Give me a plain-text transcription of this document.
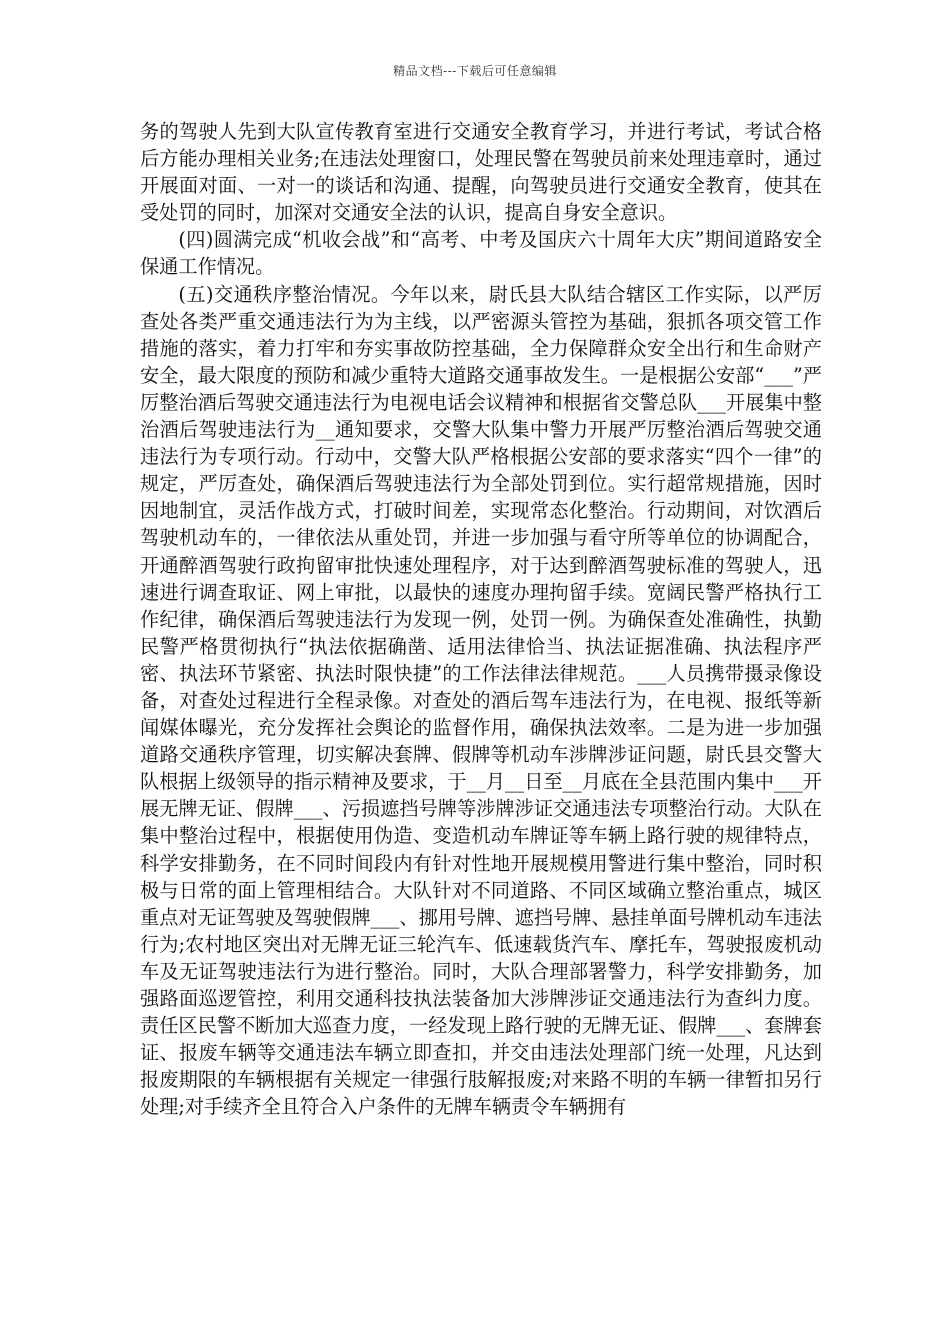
精品文档---下载后可任意编辑

务的驾驶人先到大队宣传教育室进行交通安全教育学习，并进行考试，考试合格后方能办理相关业务;在违法处理窗口，处理民警在驾驶员前来处理违章时，通过开展面对面、一对一的谈话和沟通、提醒，向驾驶员进行交通安全教育，使其在受处罚的同时，加深对交通安全法的认识，提高自身安全意识。

(四)圆满完成“机收会战”和“高考、中考及国庆六十周年大庆”期间道路安全保通工作情况。

(五)交通秩序整治情况。今年以来，尉氏县大队结合辖区工作实际，以严厉查处各类严重交通违法行为为主线，以严密源头管控为基础，狠抓各项交管工作措施的落实，着力打牢和夯实事故防控基础，全力保障群众安全出行和生命财产安全，最大限度的预防和减少重特大道路交通事故发生。一是根据公安部“___”严厉整治酒后驾驶交通违法行为电视电话会议精神和根据省交警总队___开展集中整治酒后驾驶违法行为__通知要求，交警大队集中警力开展严厉整治酒后驾驶交通违法行为专项行动。行动中，交警大队严格根据公安部的要求落实“四个一律”的规定，严厉查处，确保酒后驾驶违法行为全部处罚到位。实行超常规措施，因时因地制宜，灵活作战方式，打破时间差，实现常态化整治。行动期间，对饮酒后驾驶机动车的，一律依法从重处罚，并进一步加强与看守所等单位的协调配合，开通醉酒驾驶行政拘留审批快速处理程序，对于达到醉酒驾驶标准的驾驶人，迅速进行调查取证、网上审批，以最快的速度办理拘留手续。宽阔民警严格执行工作纪律，确保酒后驾驶违法行为发现一例，处罚一例。为确保查处准确性，执勤民警严格贯彻执行“执法依据确凿、适用法律恰当、执法证据准确、执法程序严密、执法环节紧密、执法时限快捷”的工作法律法律规范。___人员携带摄录像设备，对查处过程进行全程录像。对查处的酒后驾车违法行为，在电视、报纸等新闻媒体曝光，充分发挥社会舆论的监督作用，确保执法效率。二是为进一步加强道路交通秩序管理，切实解决套牌、假牌等机动车涉牌涉证问题，尉氏县交警大队根据上级领导的指示精神及要求，于__月__日至__月底在全县范围内集中___开展无牌无证、假牌___、污损遮挡号牌等涉牌涉证交通违法专项整治行动。大队在集中整治过程中，根据使用伪造、变造机动车牌证等车辆上路行驶的规律特点，科学安排勤务，在不同时间段内有针对性地开展规模用警进行集中整治，同时积极与日常的面上管理相结合。大队针对不同道路、不同区域确立整治重点，城区重点对无证驾驶及驾驶假牌___、挪用号牌、遮挡号牌、悬挂单面号牌机动车违法行为;农村地区突出对无牌无证三轮汽车、低速载货汽车、摩托车，驾驶报废机动车及无证驾驶违法行为进行整治。同时，大队合理部署警力，科学安排勤务，加强路面巡逻管控，利用交通科技执法装备加大涉牌涉证交通违法行为查纠力度。责任区民警不断加大巡查力度，一经发现上路行驶的无牌无证、假牌___、套牌套证、报废车辆等交通违法车辆立即查扣，并交由违法处理部门统一处理，凡达到报废期限的车辆根据有关规定一律强行肢解报废;对来路不明的车辆一律暂扣另行处理;对手续齐全且符合入户条件的无牌车辆责令车辆拥有
